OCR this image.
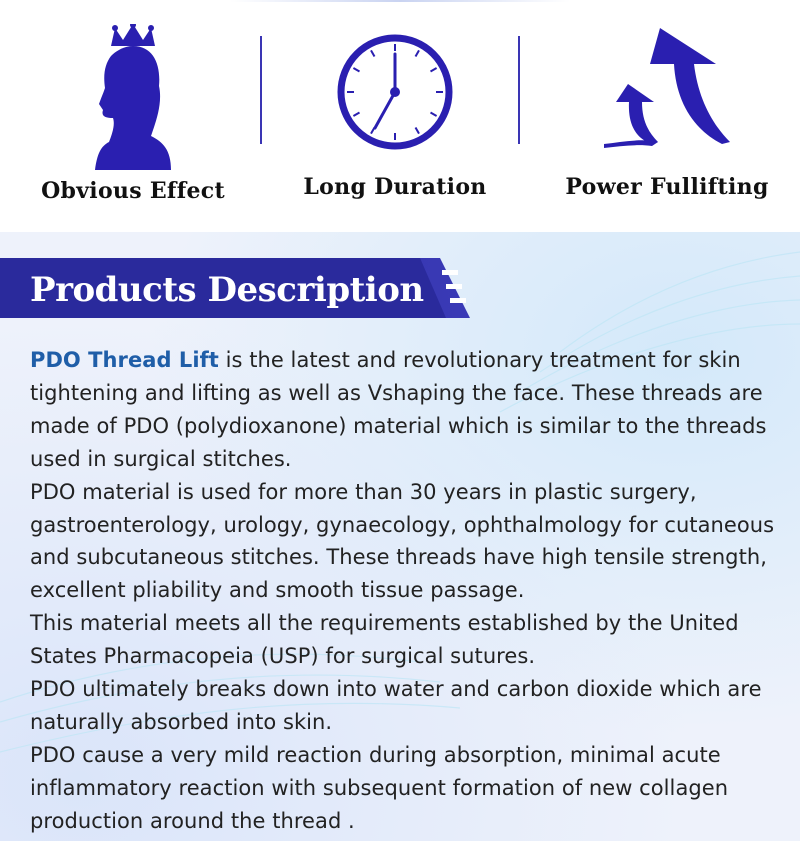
Obvious Effect	Long Duration	Power Fullifting
Products Description

PDO Thread Lift is the latest and revolutionary treatment for skin tightening and lifting as well as Vshaping the face. These threads are made of PDO (polydioxanone) material which is similar to the threads used in surgical stitches.

PDO material is used for more than 30 years in plastic surgery, gastroenterology, urology, gynaecology, ophthalmology for cutaneous and subcutaneous stitches. These threads have high tensile strength, excellent pliability and smooth tissue passage.

This material meets all the requirements established by the United States Pharmacopeia (USP) for surgical sutures.

PDO ultimately breaks down into water and carbon dioxide which are naturally absorbed into skin.

PDO cause a very mild reaction during absorption, minimal acute inflammatory reaction with subsequent formation of new collagen production around the thread .
